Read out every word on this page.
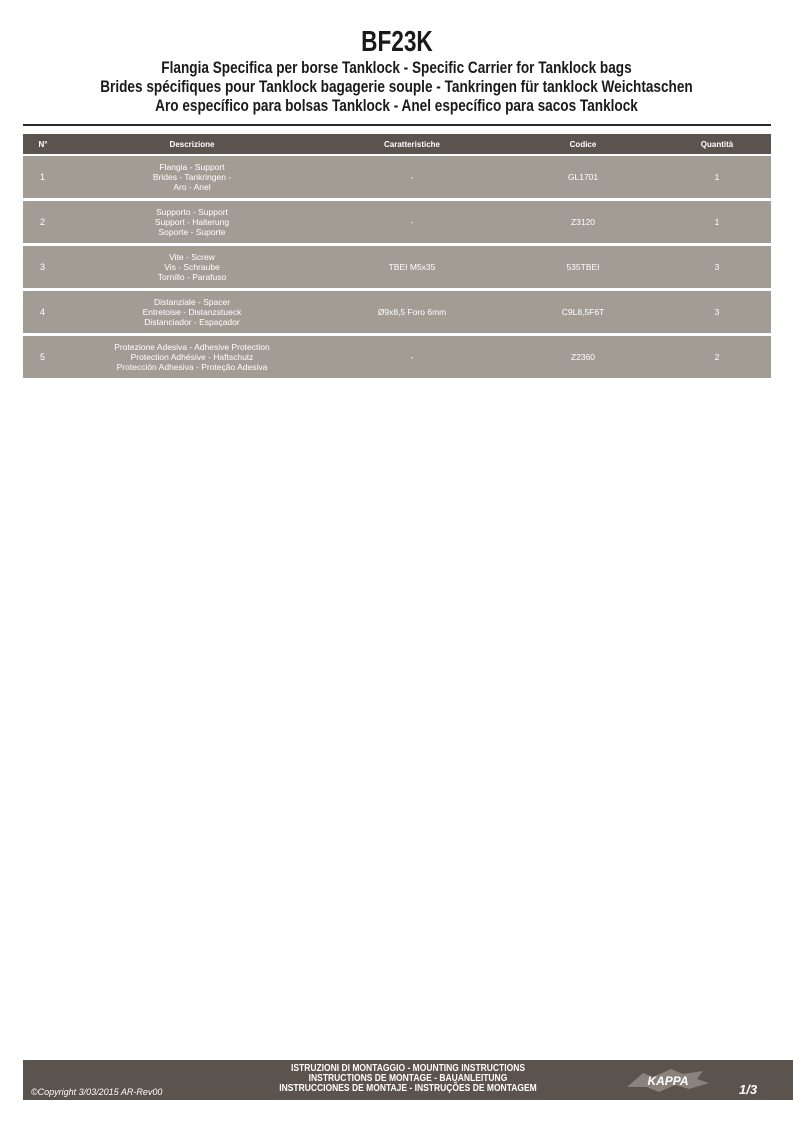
BF23K
Flangia Specifica per borse Tanklock - Specific Carrier for Tanklock bags
Brides spécifiques pour Tanklock bagagerie souple - Tankringen für tanklock Weichtaschen
Aro específico para bolsas Tanklock - Anel específico para sacos Tanklock
N°	Descrizione	Caratteristiche	Codice	Quantità
1	Flangia - Support
Brides - Tankringen -
Aro - Anel	-	GL1701	1
2	Supporto - Support
Support - Halterung
Soporte - Suporte	-	Z3120	1
3	Vite - Screw
Vis - Schraube
Tornillo - Parafuso	TBEI M5x35	535TBEI	3
4	Distanziale - Spacer
Entretoise - Distanzstueck
Distanciador - Espaçador	Ø9x8,5 Foro 6mm	C9L8,5F6T	3
5	Protezione Adesiva - Adhesive Protection
Protection Adhésive - Haftschutz
Protección Adhesiva - Proteção Adesiva	-	Z2360	2
©Copyright 3/03/2015 AR-Rev00
ISTRUZIONI DI MONTAGGIO - MOUNTING INSTRUCTIONS
INSTRUCTIONS DE MONTAGE - BAUANLEITUNG
INSTRUCCIONES DE MONTAJE - INSTRUÇÕES DE MONTAGEM
KAPPA
1/3
